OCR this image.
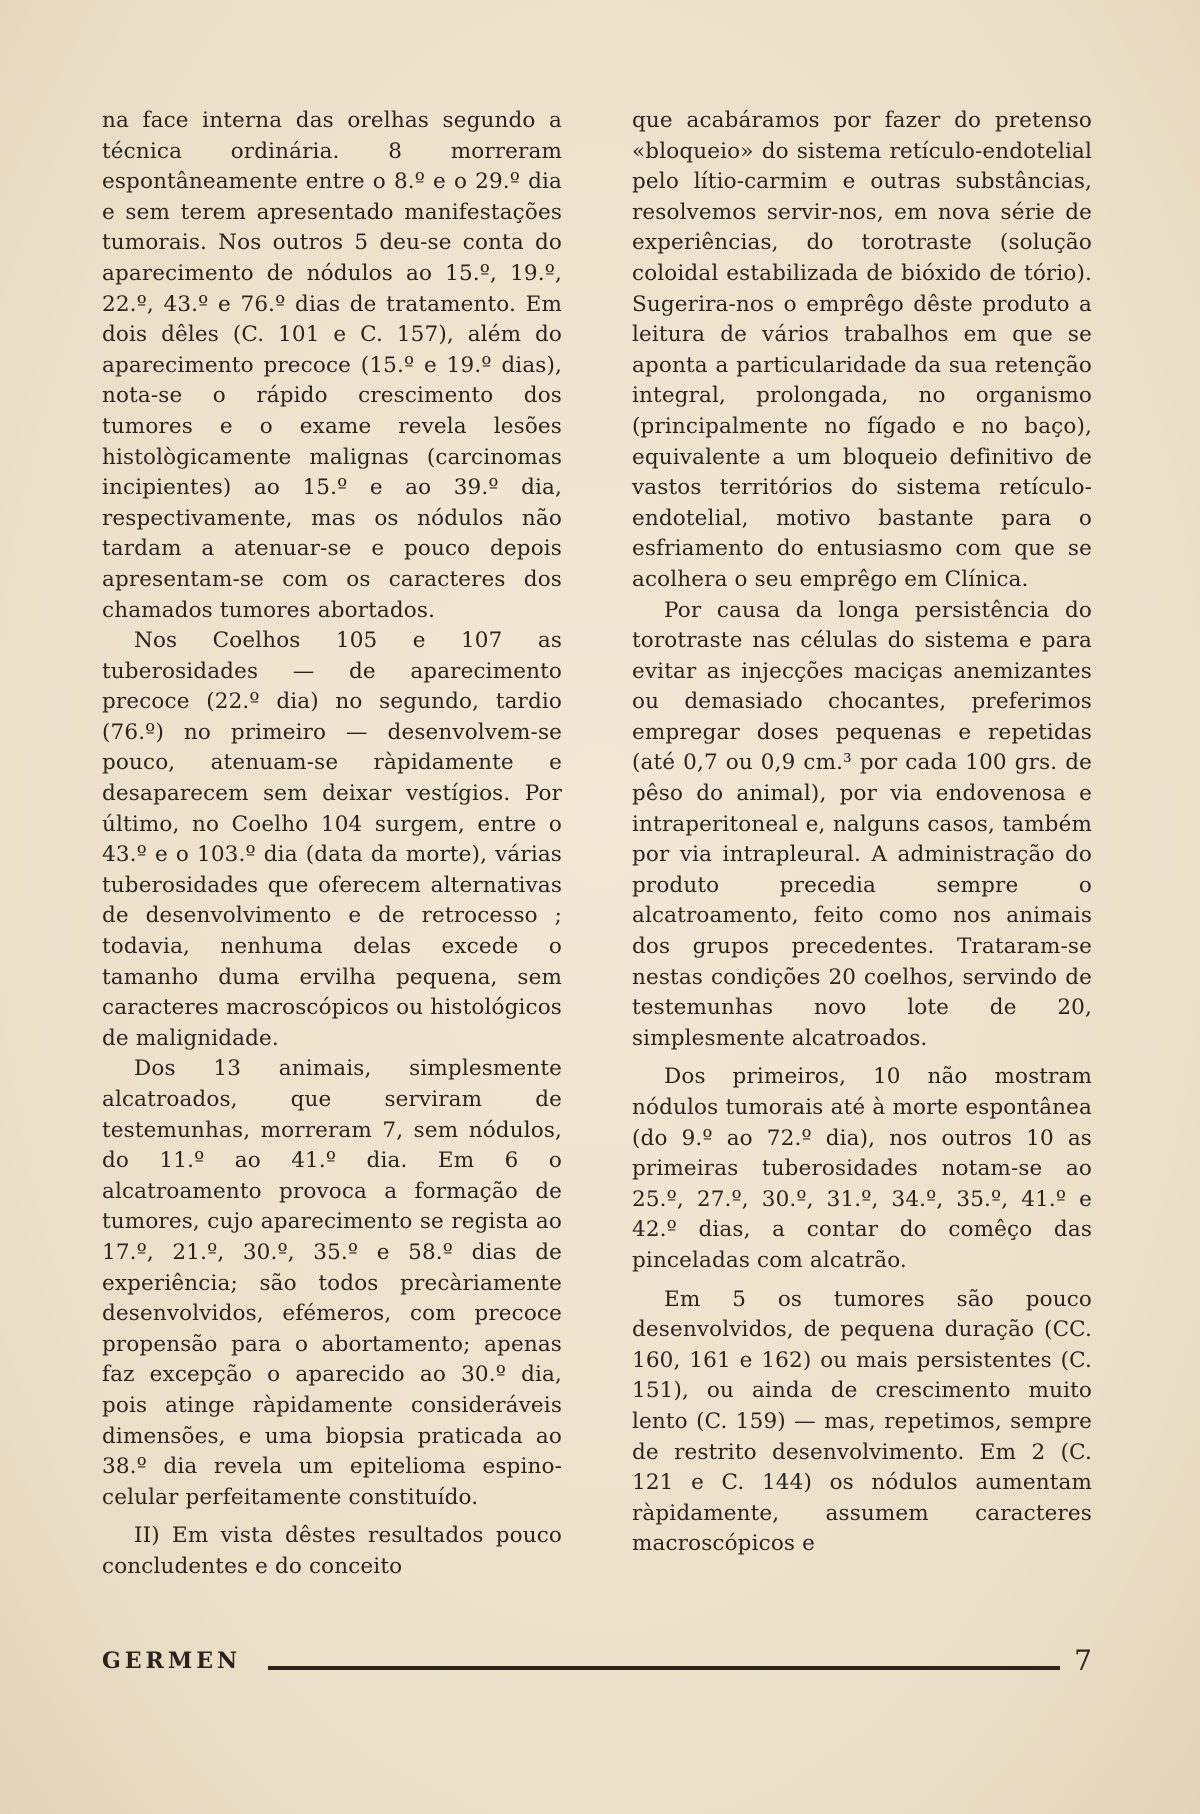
na face interna das orelhas segundo a técnica ordinária. 8 morreram espontâneamente entre o 8.º e o 29.º dia e sem terem apresentado manifestações tumorais. Nos outros 5 deu-se conta do aparecimento de nódulos ao 15.º, 19.º, 22.º, 43.º e 76.º dias de tratamento. Em dois dêles (C. 101 e C. 157), além do aparecimento precoce (15.º e 19.º dias), nota-se o rápido crescimento dos tumores e o exame revela lesões histològicamente malignas (carcinomas incipientes) ao 15.º e ao 39.º dia, respectivamente, mas os nódulos não tardam a atenuar-se e pouco depois apresentam-se com os caracteres dos chamados tumores abortados.

Nos Coelhos 105 e 107 as tuberosidades — de aparecimento precoce (22.º dia) no segundo, tardio (76.º) no primeiro — desenvolvem-se pouco, atenuam-se ràpidamente e desaparecem sem deixar vestígios. Por último, no Coelho 104 surgem, entre o 43.º e o 103.º dia (data da morte), várias tuberosidades que oferecem alternativas de desenvolvimento e de retrocesso ; todavia, nenhuma delas excede o tamanho duma ervilha pequena, sem caracteres macroscópicos ou histológicos de malignidade.

Dos 13 animais, simplesmente alcatroados, que serviram de testemunhas, morreram 7, sem nódulos, do 11.º ao 41.º dia. Em 6 o alcatroamento provoca a formação de tumores, cujo aparecimento se regista ao 17.º, 21.º, 30.º, 35.º e 58.º dias de experiência; são todos precàriamente desenvolvidos, efémeros, com precoce propensão para o abortamento; apenas faz excepção o aparecido ao 30.º dia, pois atinge ràpidamente consideráveis dimensões, e uma biopsia praticada ao 38.º dia revela um epitelioma espino-celular perfeitamente constituído.

II) Em vista dêstes resultados pouco concludentes e do conceito

que acabáramos por fazer do pretenso «bloqueio» do sistema retículo-endotelial pelo lítio-carmim e outras substâncias, resolvemos servir-nos, em nova série de experiências, do torotraste (solução coloidal estabilizada de bióxido de tório). Sugerira-nos o emprêgo dêste produto a leitura de vários trabalhos em que se aponta a particularidade da sua retenção integral, prolongada, no organismo (principalmente no fígado e no baço), equivalente a um bloqueio definitivo de vastos territórios do sistema retículo-endotelial, motivo bastante para o esfriamento do entusiasmo com que se acolhera o seu emprêgo em Clínica.

Por causa da longa persistência do torotraste nas células do sistema e para evitar as injecções maciças anemizantes ou demasiado chocantes, preferimos empregar doses pequenas e repetidas (até 0,7 ou 0,9 cm.³ por cada 100 grs. de pêso do animal), por via endovenosa e intraperitoneal e, nalguns casos, também por via intrapleural. A administração do produto precedia sempre o alcatroamento, feito como nos animais dos grupos precedentes. Trataram-se nestas condições 20 coelhos, servindo de testemunhas novo lote de 20, simplesmente alcatroados.

Dos primeiros, 10 não mostram nódulos tumorais até à morte espontânea (do 9.º ao 72.º dia), nos outros 10 as primeiras tuberosidades notam-se ao 25.º, 27.º, 30.º, 31.º, 34.º, 35.º, 41.º e 42.º dias, a contar do comêço das pinceladas com alcatrão.

Em 5 os tumores são pouco desenvolvidos, de pequena duração (CC. 160, 161 e 162) ou mais persistentes (C. 151), ou ainda de crescimento muito lento (C. 159) — mas, repetimos, sempre de restrito desenvolvimento. Em 2 (C. 121 e C. 144) os nódulos aumentam ràpidamente, assumem caracteres macroscópicos e

GERMEN	7
